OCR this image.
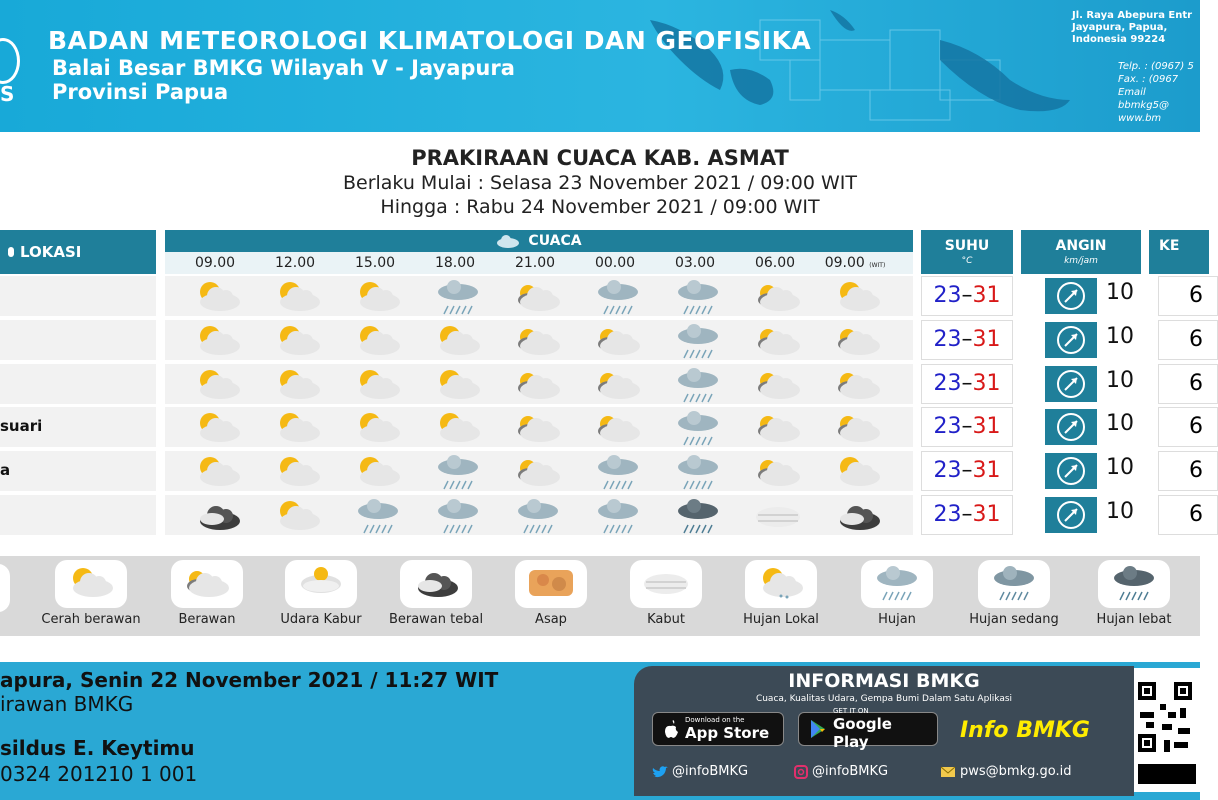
S
BADAN METEOROLOGI KLIMATOLOGI DAN GEOFISIKA
Balai Besar BMKG Wilayah V - Jayapura
Provinsi Papua
Jl. Raya Abepura Entr
Jayapura, Papua,
Indonesia 99224
Telp. : (0967) 5
Fax. : (0967
Email
bbmkg5@
www.bm
PRAKIRAAN CUACA KAB. ASMAT
Berlaku Mulai : Selasa 23 November 2021 / 09:00 WIT
Hingga : Rabu 24 November 2021 / 09:00 WIT
LOKASI
CUACA
09.00	12.00	15.00	18.00	21.00	00.00	03.00	06.00	09.00 (WIT)
SUHU
°C
ANGIN
km/jam
KE
23–31	10	6
23–31	10	6
23–31	10	6
suari	23–31	10	6
a	23–31	10	6
23–31	10	6
Cerah berawan	Berawan	Udara Kabur	Berawan tebal	Asap	Kabut	Hujan Lokal	Hujan	Hujan sedang	Hujan lebat
apura, Senin 22 November 2021 / 11:27 WIT
irawan BMKG
sildus E. Keytimu
0324 201210 1 001
INFORMASI BMKG
Cuaca, Kualitas Udara, Gempa Bumi Dalam Satu Aplikasi
Download on the
App Store
GET IT ON
Google Play	Info BMKG
@infoBMKG	@infoBMKG	pws@bmkg.go.id
